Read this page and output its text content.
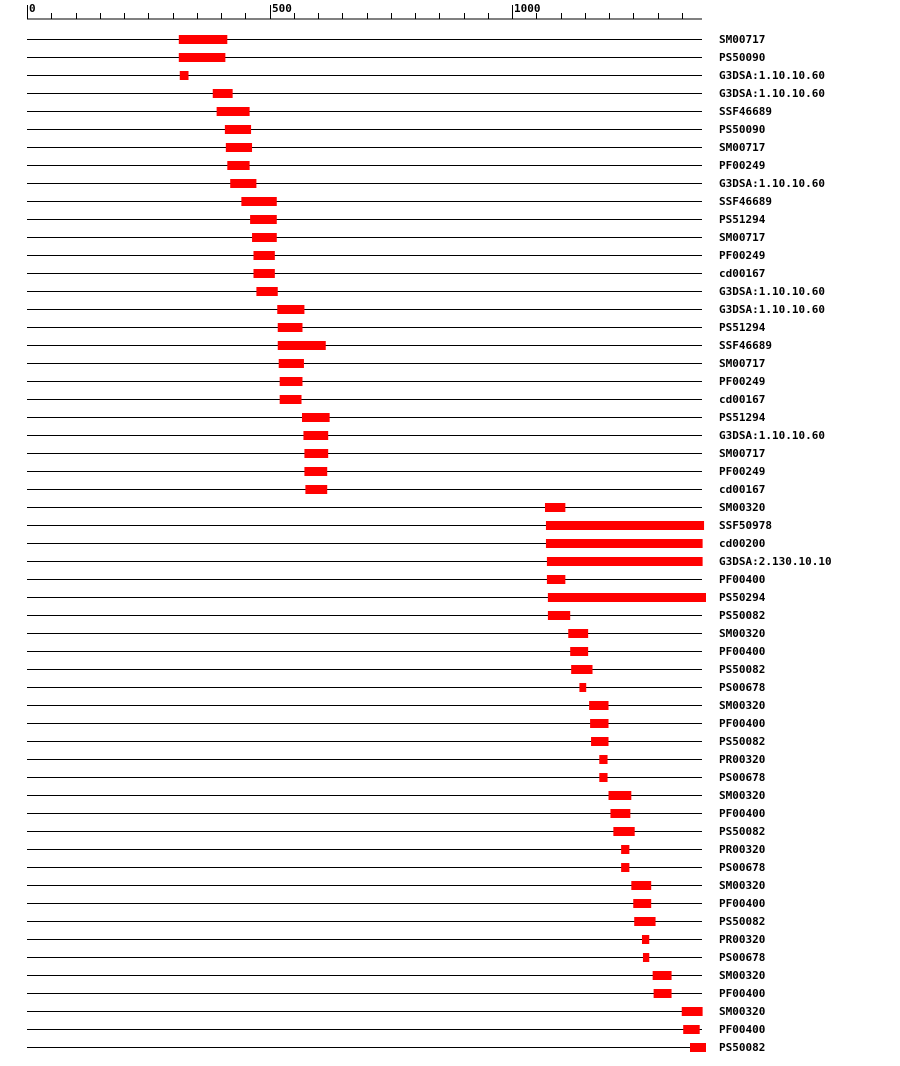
0	500	1000
SM00717
PS50090
G3DSA:1.10.10.60
G3DSA:1.10.10.60
SSF46689
PS50090
SM00717
PF00249
G3DSA:1.10.10.60
SSF46689
PS51294
SM00717
PF00249
cd00167
G3DSA:1.10.10.60
G3DSA:1.10.10.60
PS51294
SSF46689
SM00717
PF00249
cd00167
PS51294
G3DSA:1.10.10.60
SM00717
PF00249
cd00167
SM00320
SSF50978
cd00200
G3DSA:2.130.10.10
PF00400
PS50294
PS50082
SM00320
PF00400
PS50082
PS00678
SM00320
PF00400
PS50082
PR00320
PS00678
SM00320
PF00400
PS50082
PR00320
PS00678
SM00320
PF00400
PS50082
PR00320
PS00678
SM00320
PF00400
SM00320
PF00400
PS50082
